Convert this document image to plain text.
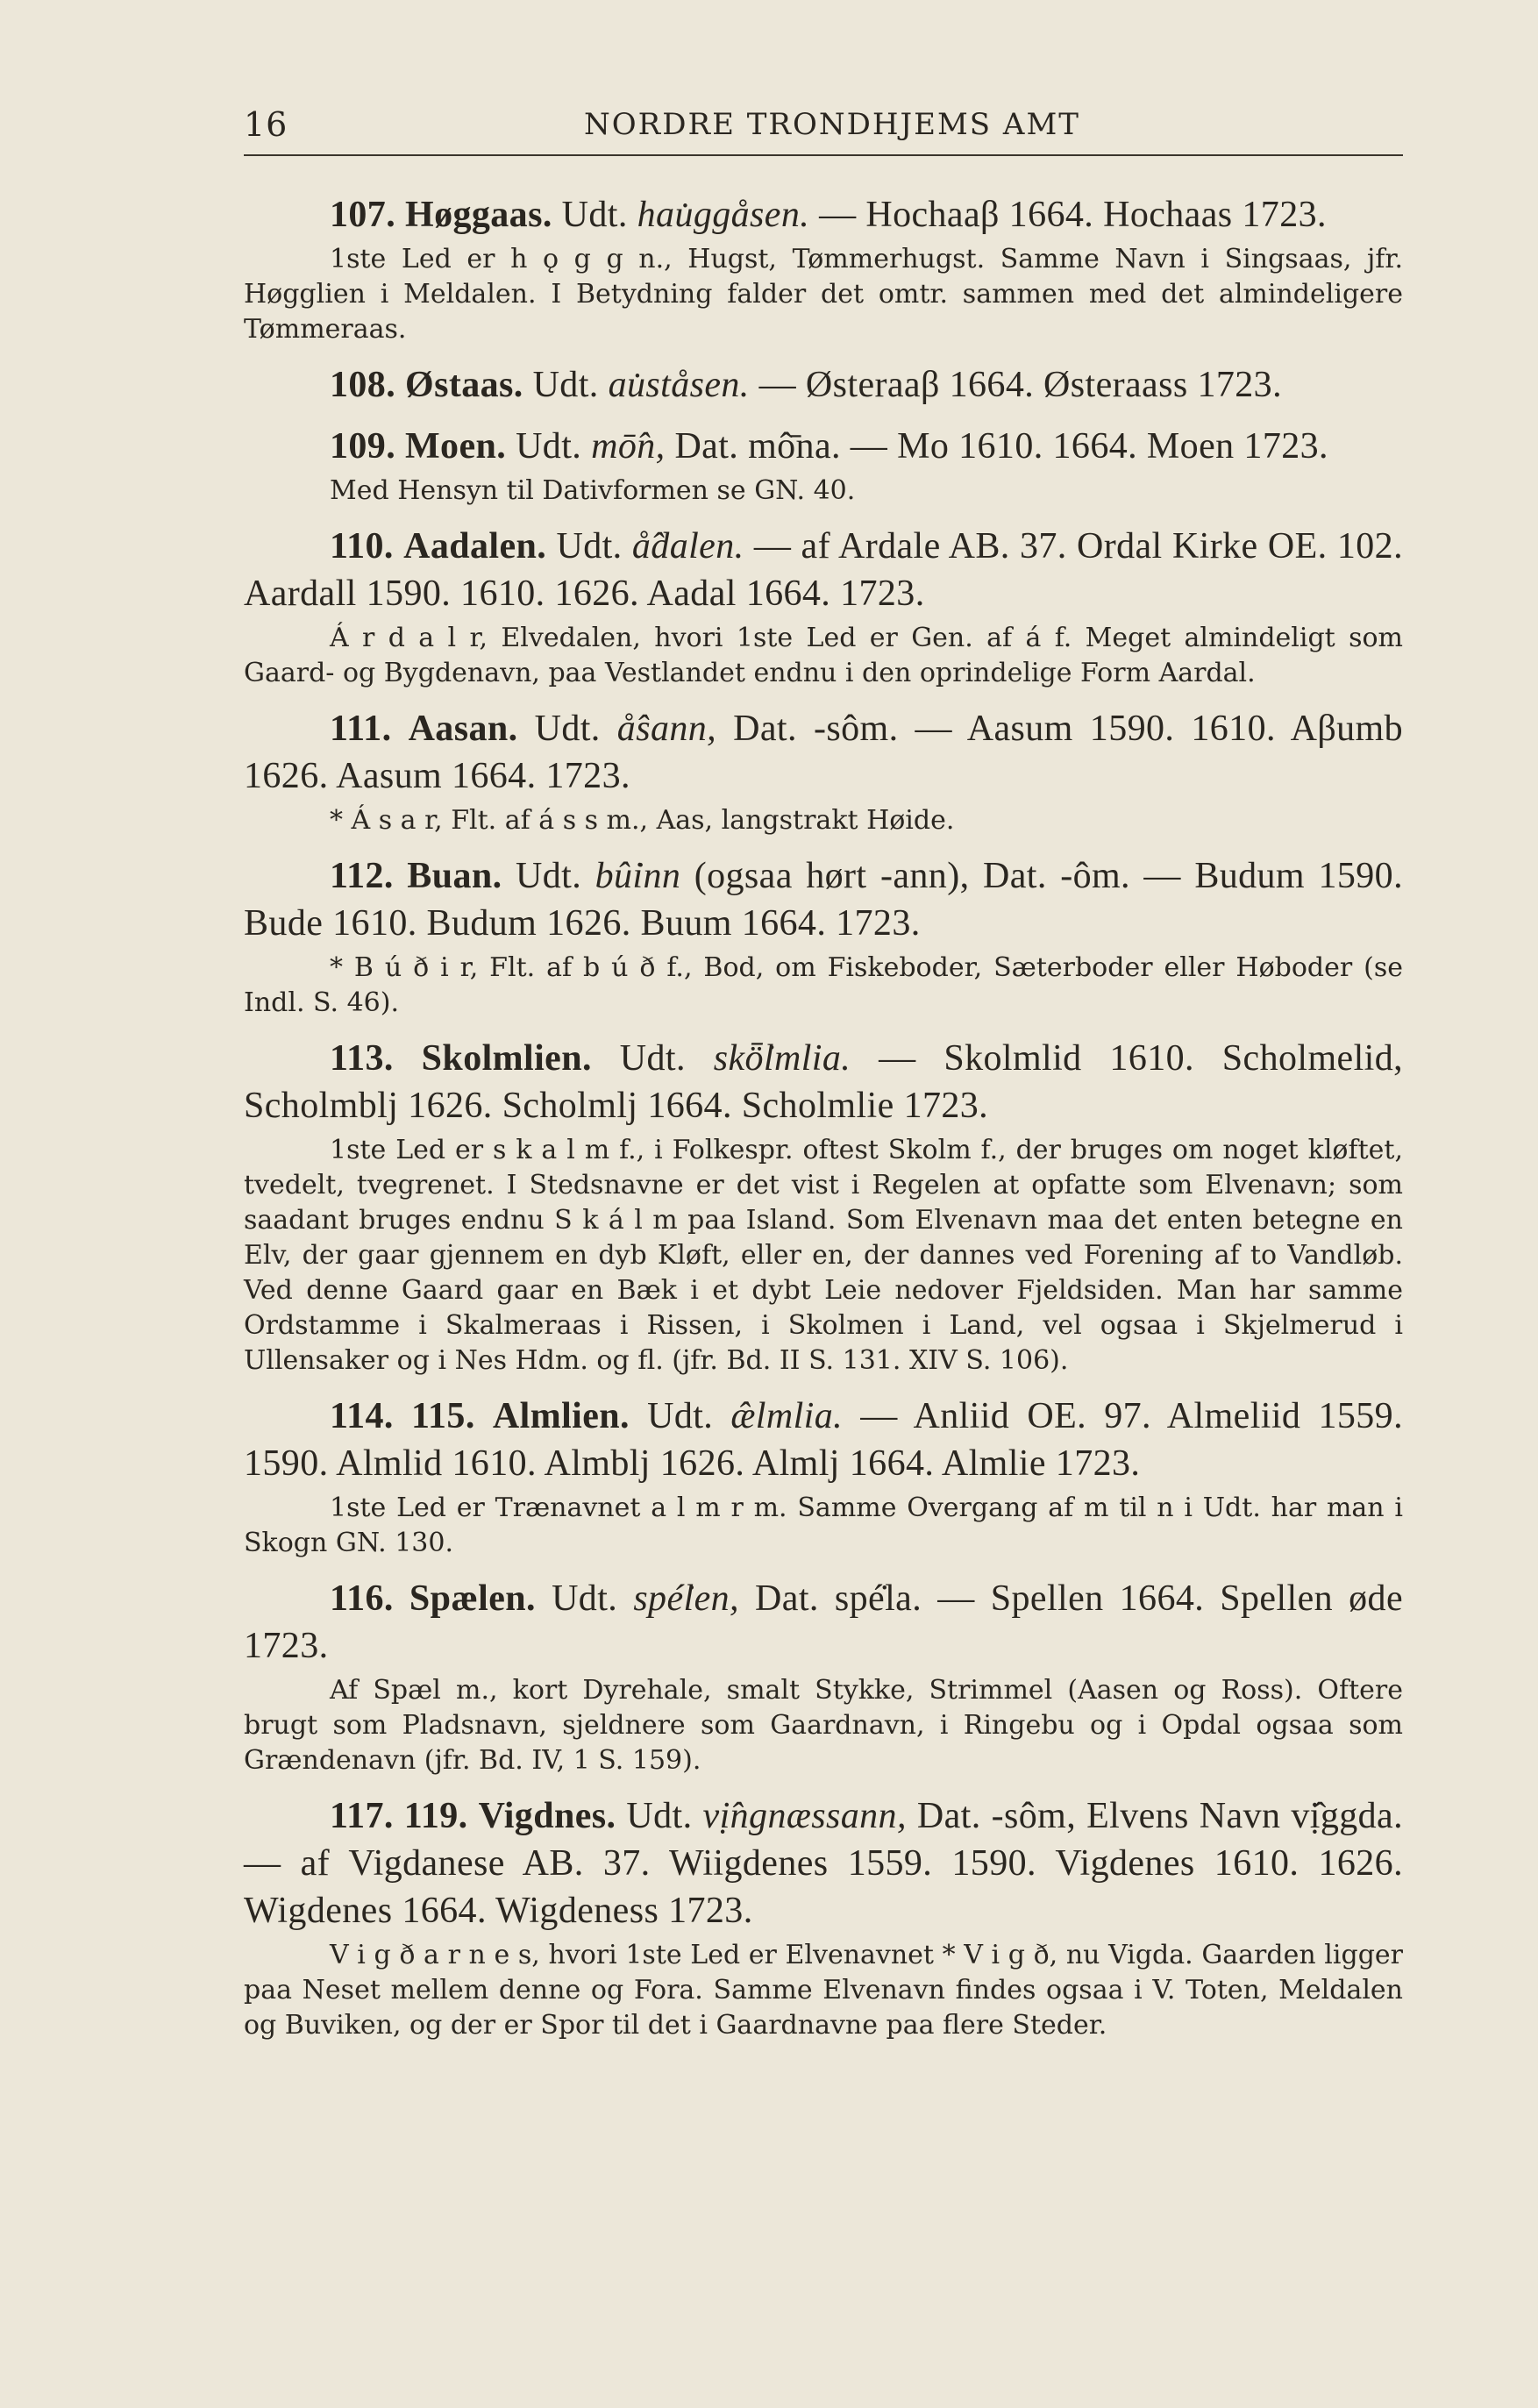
16	NORDRE TRONDHJEMS AMT

107. Høggaas. Udt. hau̇ggåsen. — Hochaaβ 1664. Hochaas 1723.

1ste Led er h ǫ g g n., Hugst, Tømmerhugst. Samme Navn i Singsaas, jfr. Høgglien i Meldalen. I Betydning falder det omtr. sammen med det almindeligere Tømmeraas.

108. Østaas. Udt. au̇ståsen. — Østeraaβ 1664. Østeraass 1723.

109. Moen. Udt. mō̂n, Dat. mô̄na. — Mo 1610. 1664. Moen 1723.

Med Hensyn til Dativformen se GN. 40.

110. Aadalen. Udt. å̂dalen. — af Ardale AB. 37. Ordal Kirke OE. 102. Aardall 1590. 1610. 1626. Aadal 1664. 1723.

Á r d a l r, Elvedalen, hvori 1ste Led er Gen. af á f. Meget almindeligt som Gaard- og Bygdenavn, paa Vestlandet endnu i den oprindelige Form Aardal.

111. Aasan. Udt. å̂sann, Dat. -sôm. — Aasum 1590. 1610. Aβumb 1626. Aasum 1664. 1723.

* Á s a r, Flt. af á s s m., Aas, langstrakt Høide.

112. Buan. Udt. bû̇inn (ogsaa hørt -ann), Dat. -ôm. — Budum 1590. Bude 1610. Budum 1626. Buum 1664. 1723.

* B ú ð i r, Flt. af b ú ð f., Bod, om Fiskeboder, Sæterboder eller Høboder (se Indl. S. 46).

113. Skolmlien. Udt. skȫ̇lmlia. — Skolmlid 1610. Scholmelid, Scholmblj 1626. Scholmlj 1664. Scholmlie 1723.

1ste Led er s k a l m f., i Folkespr. oftest Skolm f., der bruges om noget kløftet, tvedelt, tvegrenet. I Stedsnavne er det vist i Regelen at opfatte som Elvenavn; som saadant bruges endnu S k á l m paa Island. Som Elvenavn maa det enten betegne en Elv, der gaar gjennem en dyb Kløft, eller en, der dannes ved Forening af to Vandløb. Ved denne Gaard gaar en Bæk i et dybt Leie nedover Fjeldsiden. Man har samme Ordstamme i Skalmeraas i Rissen, i Skolmen i Land, vel ogsaa i Skjelmerud i Ullensaker og i Nes Hdm. og fl. (jfr. Bd. II S. 131. XIV S. 106).

114. 115. Almlien. Udt. æ̂lmlia. — Anliid OE. 97. Almeliid 1559. 1590. Almlid 1610. Almblj 1626. Almlj 1664. Almlie 1723.

1ste Led er Trænavnet a l m r m. Samme Overgang af m til n i Udt. har man i Skogn GN. 130.

116. Spælen. Udt. spé̇len, Dat. spé̇la. — Spellen 1664. Spellen øde 1723.

Af Spæl m., kort Dyrehale, smalt Stykke, Strimmel (Aasen og Ross). Oftere brugt som Pladsnavn, sjeldnere som Gaardnavn, i Ringebu og i Opdal ogsaa som Grændenavn (jfr. Bd. IV, 1 S. 159).

117. 119. Vigdnes. Udt. vị̂ngnæssann, Dat. -sôm, Elvens Navn vị̂ggda. — af Vigdanese AB. 37. Wiigdenes 1559. 1590. Vigdenes 1610. 1626. Wigdenes 1664. Wigdeness 1723.

V i g ð a r n e s, hvori 1ste Led er Elvenavnet * V i g ð, nu Vigda. Gaarden ligger paa Neset mellem denne og Fora. Samme Elvenavn findes ogsaa i V. Toten, Meldalen og Buviken, og der er Spor til det i Gaardnavne paa flere Steder.
